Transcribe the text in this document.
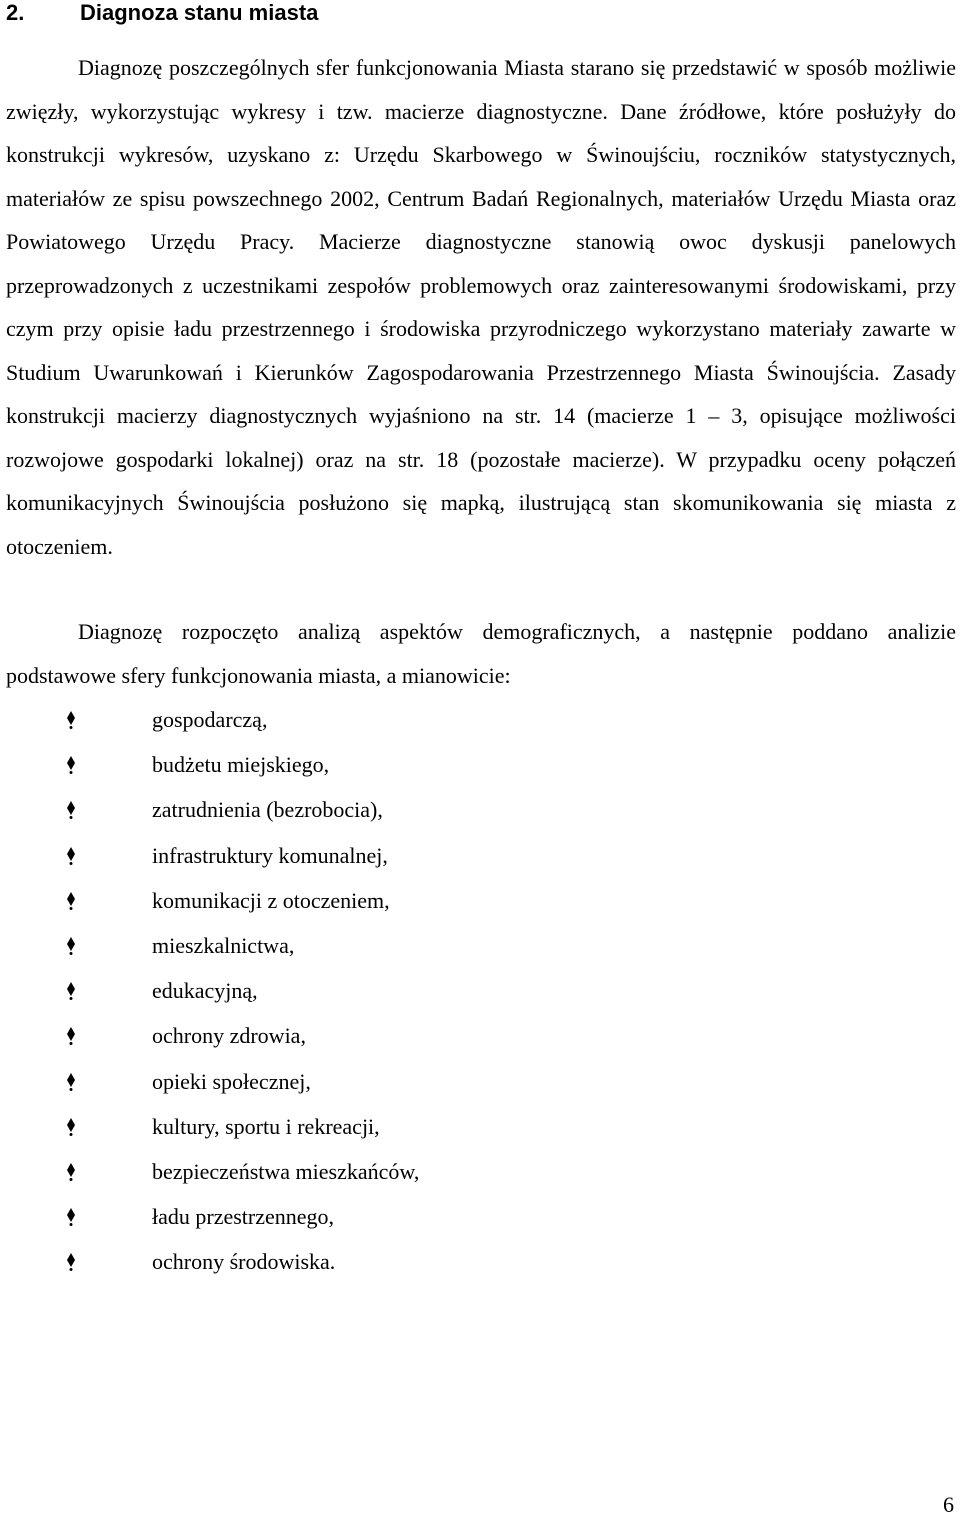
2.	Diagnoza stanu miasta

Diagnozę poszczególnych sfer funkcjonowania Miasta starano się przedstawić w sposób możliwie zwięzły, wykorzystując wykresy i tzw. macierze diagnostyczne. Dane źródłowe, które posłużyły do konstrukcji wykresów, uzyskano z: Urzędu Skarbowego w Świnoujściu, roczników statystycznych, materiałów ze spisu powszechnego 2002, Centrum Badań Regionalnych, materiałów Urzędu Miasta oraz Powiatowego Urzędu Pracy. Macierze diagnostyczne stanowią owoc dyskusji panelowych przeprowadzonych z uczestnikami zespołów problemowych oraz zainteresowanymi środowiskami, przy czym przy opisie ładu przestrzennego i środowiska przyrodniczego wykorzystano materiały zawarte w Studium Uwarunkowań i Kierunków Zagospodarowania Przestrzennego Miasta Świnoujścia. Zasady konstrukcji macierzy diagnostycznych wyjaśniono na str. 14 (macierze 1 – 3, opisujące możliwości rozwojowe gospodarki lokalnej) oraz na str. 18 (pozostałe macierze). W przypadku oceny połączeń komunikacyjnych Świnoujścia posłużono się mapką, ilustrującą stan skomunikowania się miasta z otoczeniem.

Diagnozę rozpoczęto analizą aspektów demograficznych, a następnie poddano analizie podstawowe sfery funkcjonowania miasta, a mianowicie:

gospodarczą,
budżetu miejskiego,
zatrudnienia (bezrobocia),
infrastruktury komunalnej,
komunikacji z otoczeniem,
mieszkalnictwa,
edukacyjną,
ochrony zdrowia,
opieki społecznej,
kultury, sportu i rekreacji,
bezpieczeństwa mieszkańców,
ładu przestrzennego,
ochrony środowiska.
6
